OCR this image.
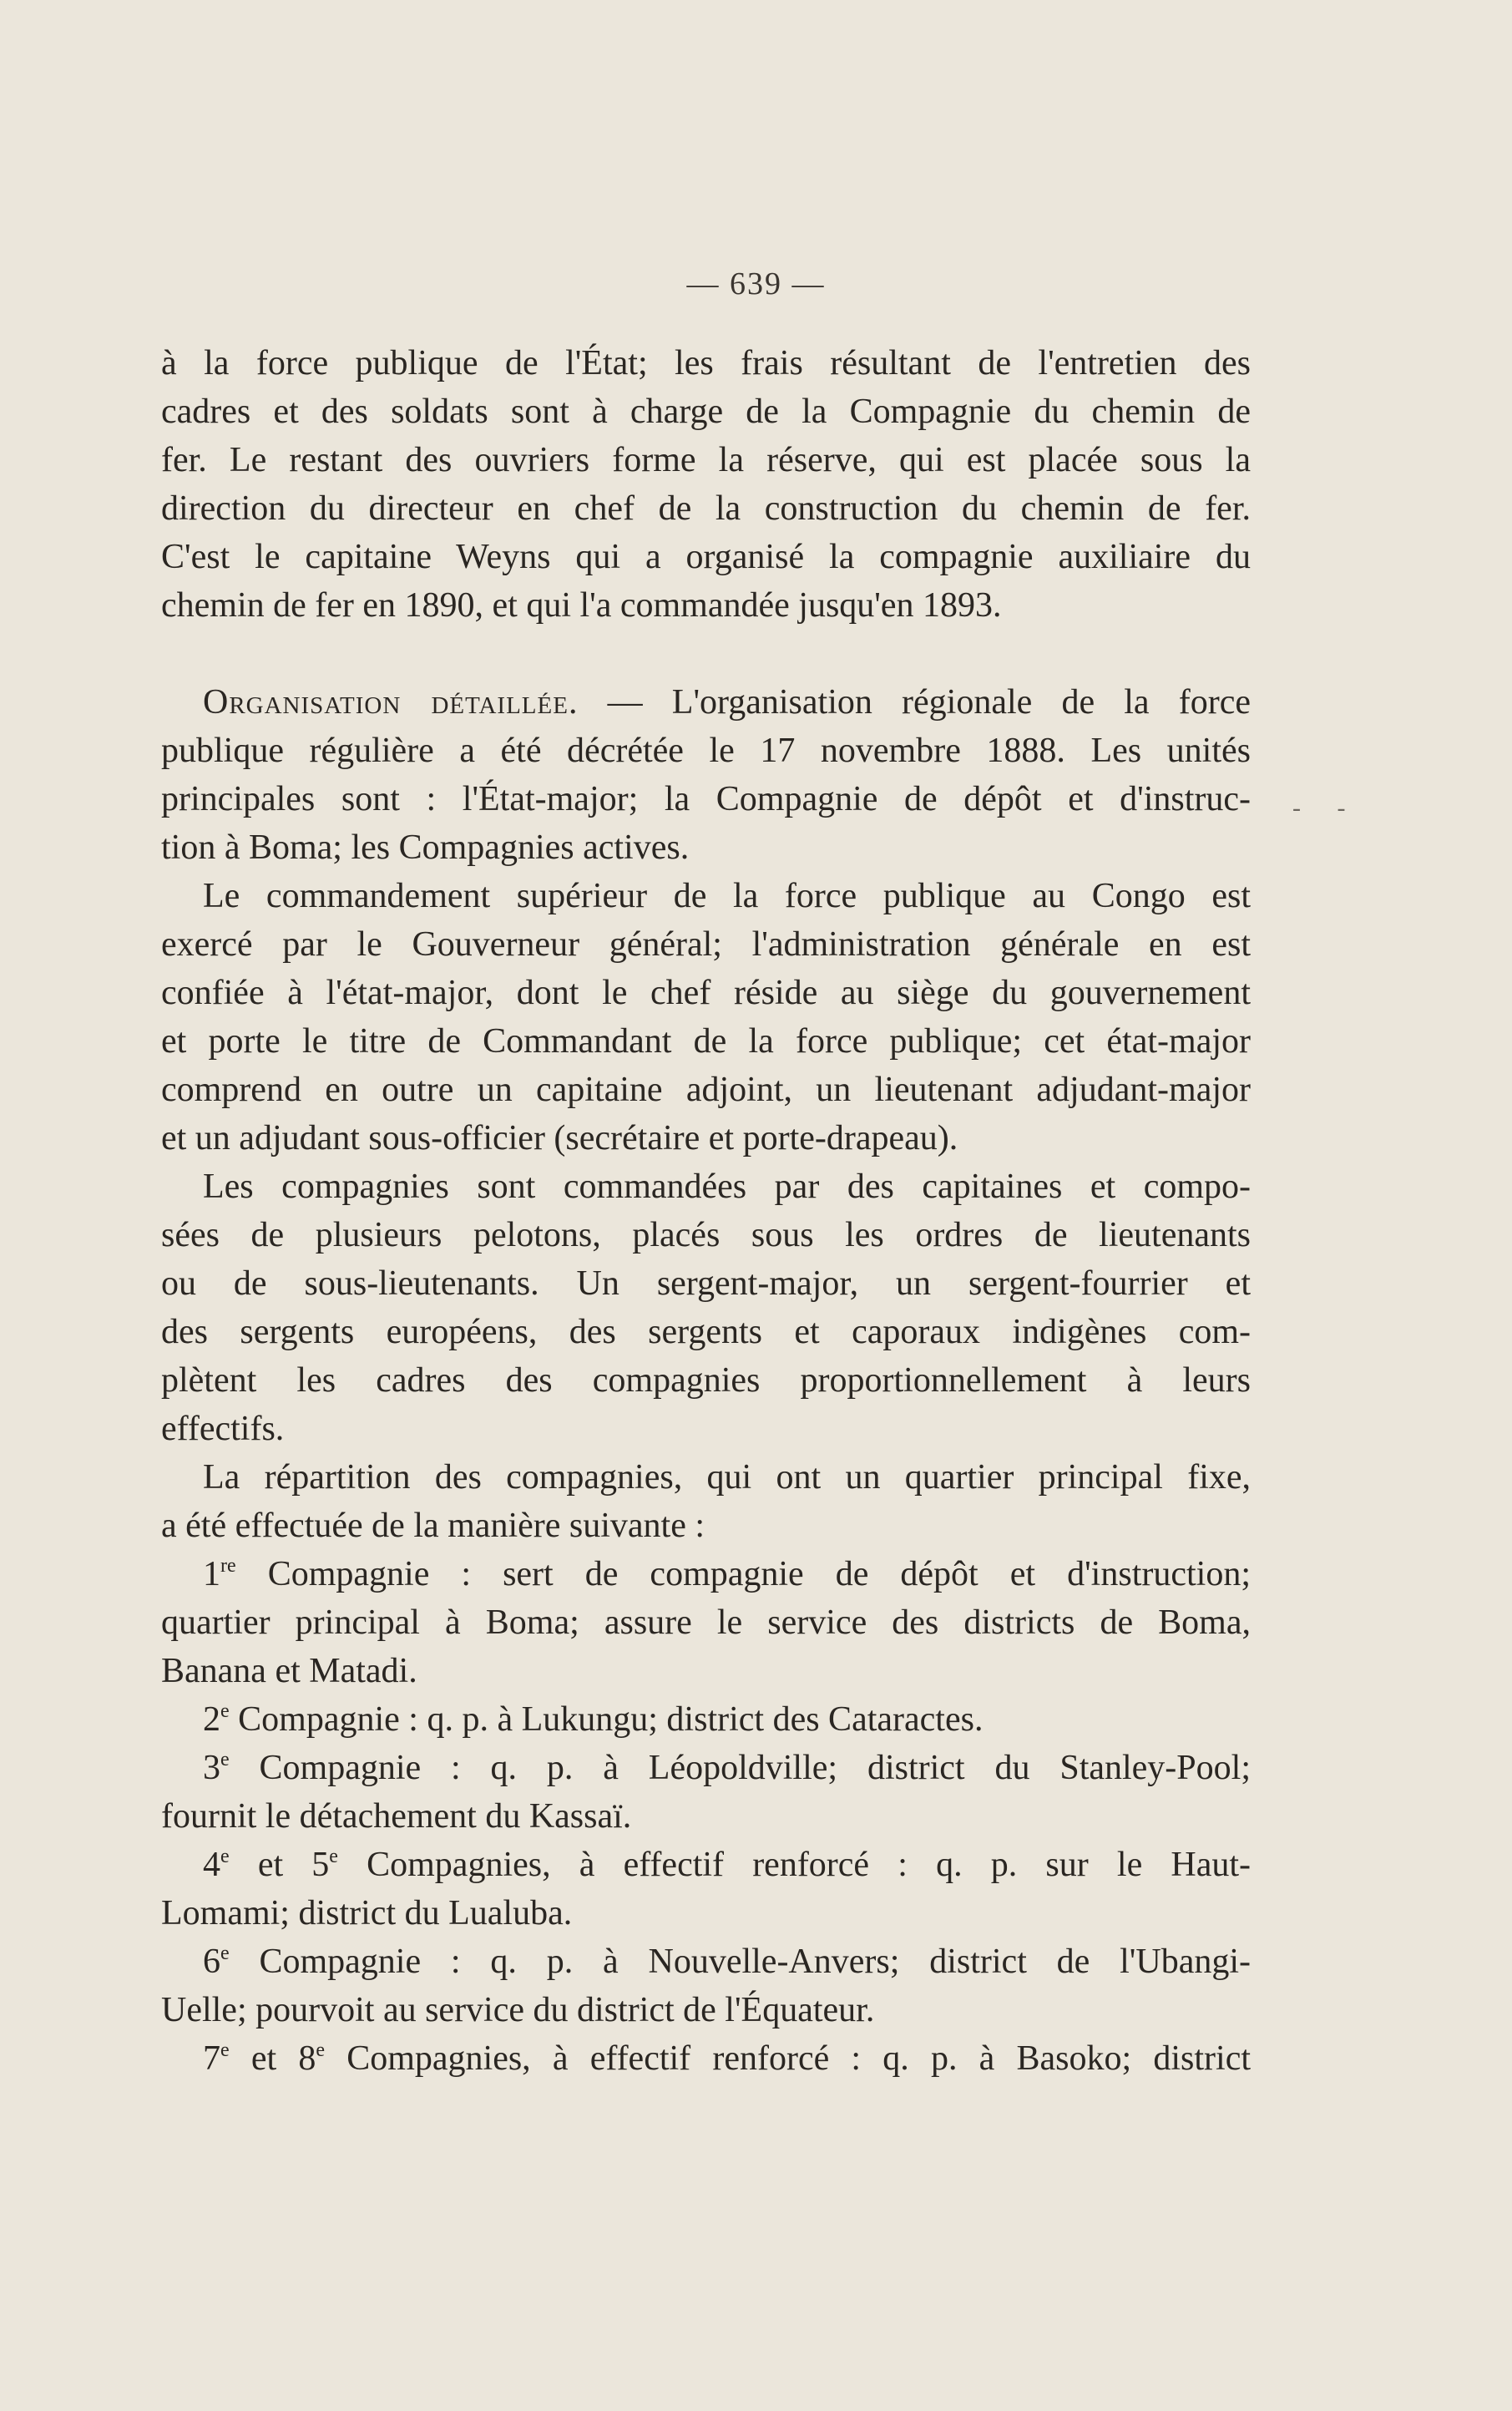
— 639 —
- -
à la force publique de l'État; les frais résultant de l'entretien des
cadres et des soldats sont à charge de la Compagnie du chemin de
fer. Le restant des ouvriers forme la réserve, qui est placée sous la
direction du directeur en chef de la construction du chemin de fer.
C'est le capitaine Weyns qui a organisé la compagnie auxiliaire du
chemin de fer en 1890, et qui l'a commandée jusqu'en 1893.
Organisation détaillée. — L'organisation régionale de la force
publique régulière a été décrétée le 17 novembre 1888. Les unités
principales sont : l'État-major; la Compagnie de dépôt et d'instruc-
tion à Boma; les Compagnies actives.
Le commandement supérieur de la force publique au Congo est
exercé par le Gouverneur général; l'administration générale en est
confiée à l'état-major, dont le chef réside au siège du gouvernement
et porte le titre de Commandant de la force publique; cet état-major
comprend en outre un capitaine adjoint, un lieutenant adjudant-major
et un adjudant sous-officier (secrétaire et porte-drapeau).
Les compagnies sont commandées par des capitaines et compo-
sées de plusieurs pelotons, placés sous les ordres de lieutenants
ou de sous-lieutenants. Un sergent-major, un sergent-fourrier et
des sergents européens, des sergents et caporaux indigènes com-
plètent les cadres des compagnies proportionnellement à leurs
effectifs.
La répartition des compagnies, qui ont un quartier principal fixe,
a été effectuée de la manière suivante :
1re Compagnie : sert de compagnie de dépôt et d'instruction;
quartier principal à Boma; assure le service des districts de Boma,
Banana et Matadi.
2e Compagnie : q. p. à Lukungu; district des Cataractes.
3e Compagnie : q. p. à Léopoldville; district du Stanley-Pool;
fournit le détachement du Kassaï.
4e et 5e Compagnies, à effectif renforcé : q. p. sur le Haut-
Lomami; district du Lualuba.
6e Compagnie : q. p. à Nouvelle-Anvers; district de l'Ubangi-
Uelle; pourvoit au service du district de l'Équateur.
7e et 8e Compagnies, à effectif renforcé : q. p. à Basoko; district
